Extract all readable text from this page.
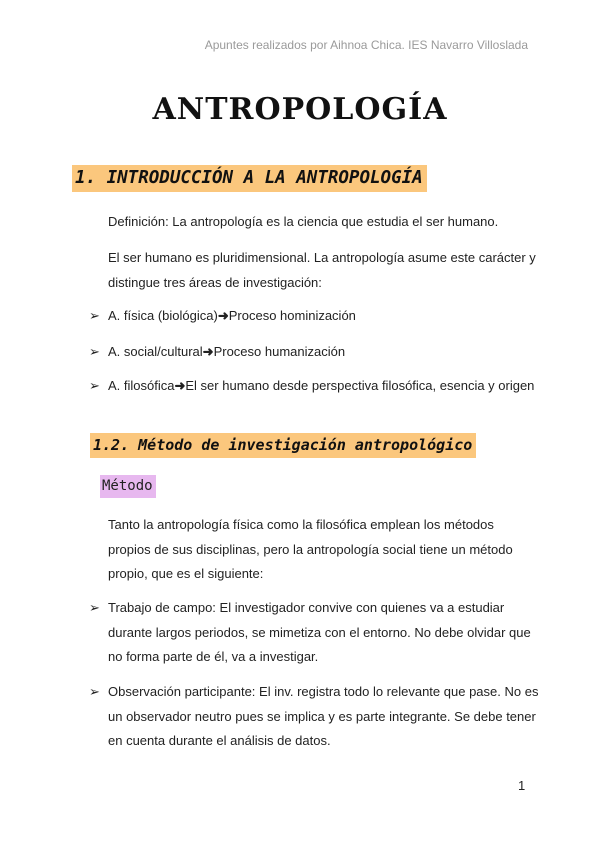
Apuntes realizados por Aihnoa Chica. IES Navarro Villoslada
ANTROPOLOGÍA
1. INTRODUCCIÓN A LA ANTROPOLOGÍA
Definición: La antropología es la ciencia que estudia el ser humano.
El ser humano es pluridimensional. La antropología asume este carácter y distingue tres áreas de investigación:
➢ A. física (biológica)➜Proceso hominización
➢ A. social/cultural➜Proceso humanización
➢ A. filosófica➜El ser humano desde perspectiva filosófica, esencia y origen
1.2. Método de investigación antropológico
Método
Tanto la antropología física como la filosófica emplean los métodos propios de sus disciplinas, pero la antropología social tiene un método propio, que es el siguiente:
➢ Trabajo de campo: El investigador convive con quienes va a estudiar durante largos periodos, se mimetiza con el entorno. No debe olvidar que no forma parte de él, va a investigar.
➢ Observación participante: El inv. registra todo lo relevante que pase. No es un observador neutro pues se implica y es parte integrante. Se debe tener en cuenta durante el análisis de datos.
1
